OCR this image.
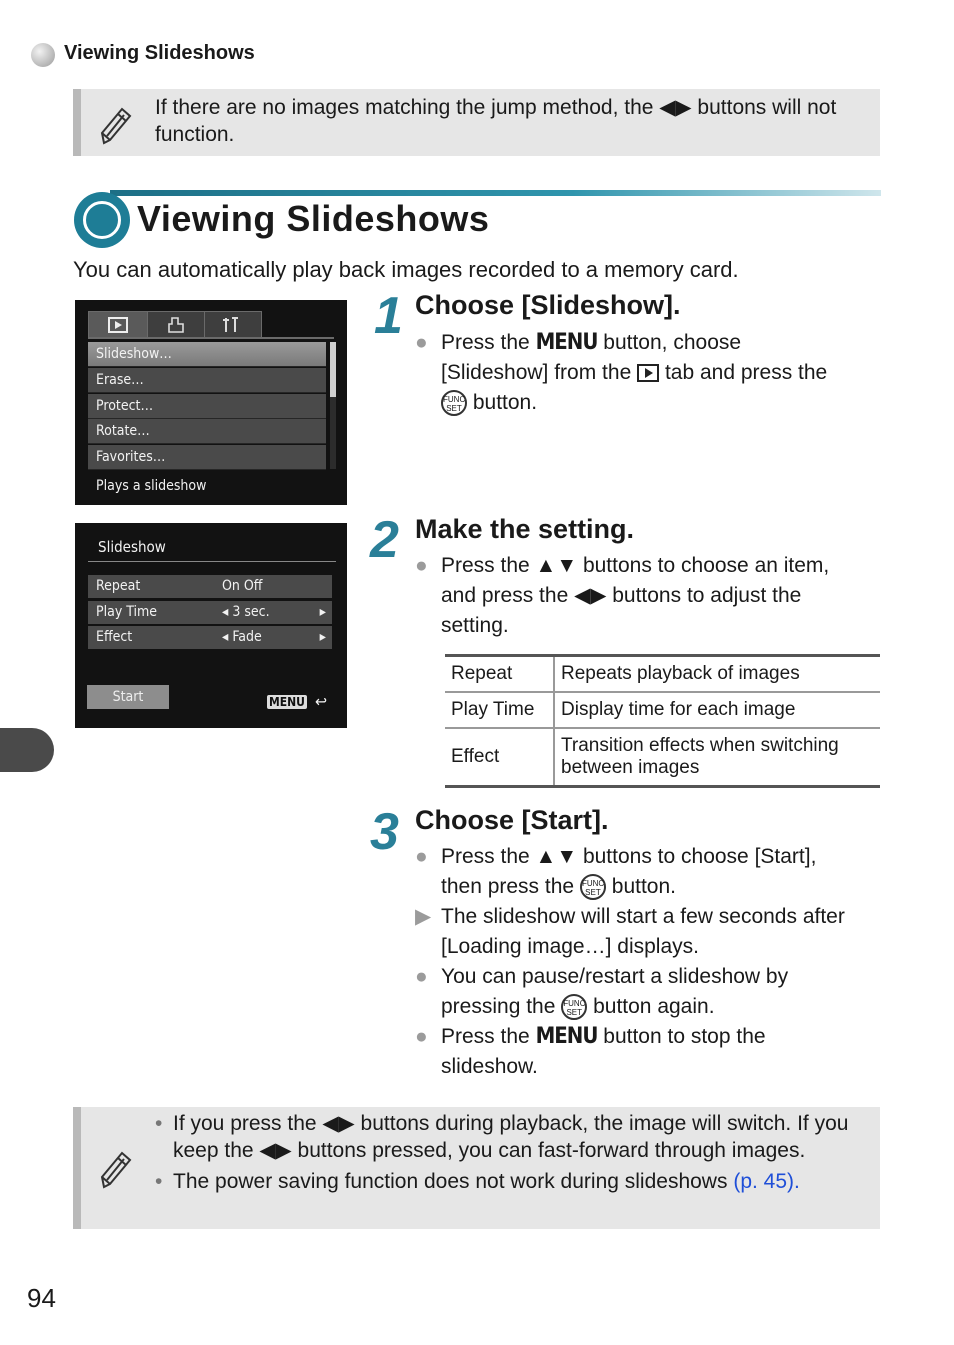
Viewing Slideshows
If there are no images matching the jump method, the ◀▶ buttons will not function.
Viewing Slideshows
You can automatically play back images recorded to a memory card.
Slideshow…
Erase…
Protect…
Rotate…
Favorites…
Plays a slideshow
Slideshow
Repeat	On Off
Play Time	◂ 3 sec.	▸
Effect	◂ Fade	▸
Start	MENU ↩
1 Choose [Slideshow].
● Press the MENU button, choose
[Slideshow] from the tab and press the
FUNC SET button.
2 Make the setting.
● Press the ▲▼ buttons to choose an item,
and press the ◀▶ buttons to adjust the
setting.
Repeat	Repeats playback of images
Play Time	Display time for each image
Effect	Transition effects when switching between images
3 Choose [Start].
● Press the ▲▼ buttons to choose [Start],
then press the FUNC SET button.
▶ The slideshow will start a few seconds after
[Loading image…] displays.
● You can pause/restart a slideshow by
pressing the FUNC SET button again.
● Press the MENU button to stop the
slideshow.
• If you press the ◀▶ buttons during playback, the image will switch. If you keep the ◀▶ buttons pressed, you can fast-forward through images.
• The power saving function does not work during slideshows (p. 45).
94
